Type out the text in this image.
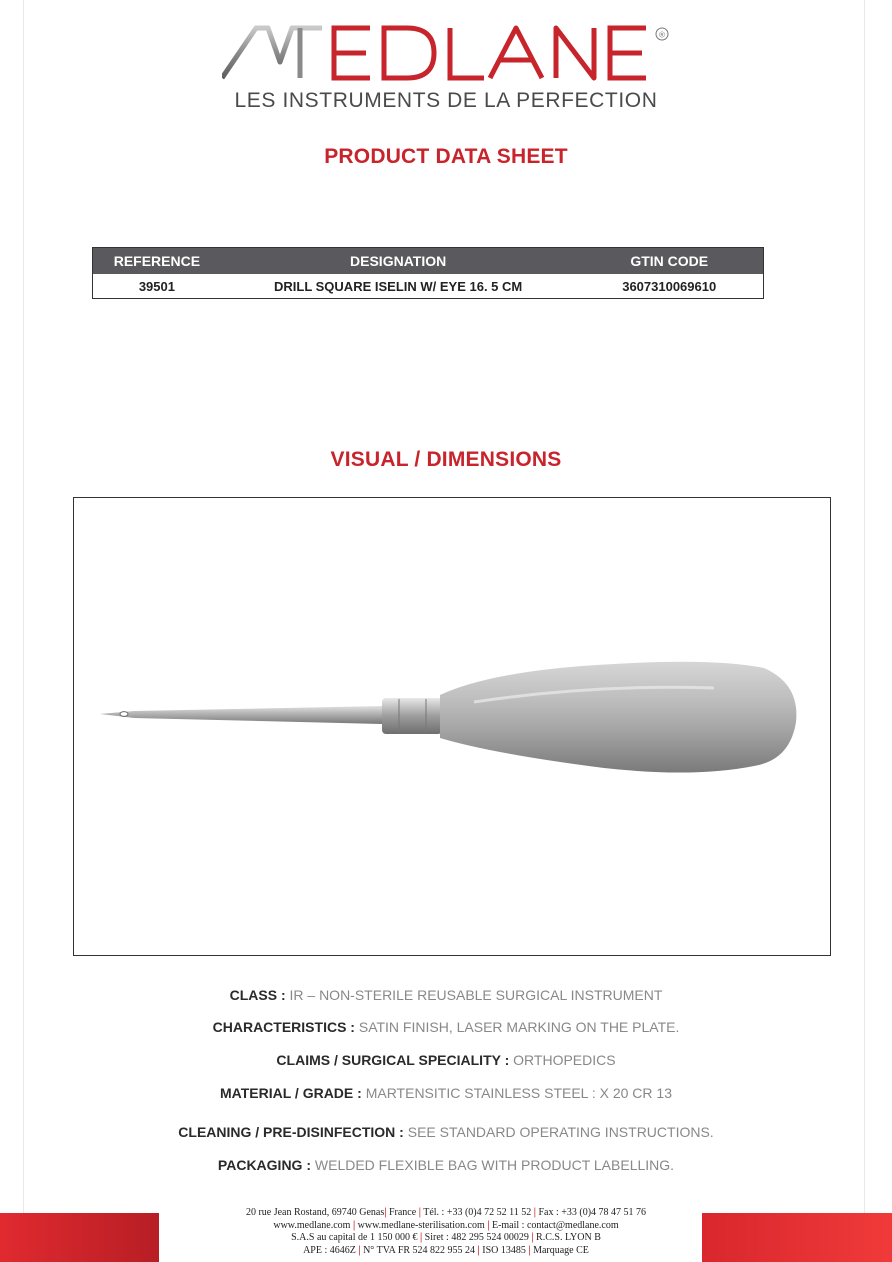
®
LES INSTRUMENTS DE LA PERFECTION
PRODUCT DATA SHEET
REFERENCE	DESIGNATION	GTIN CODE
39501	DRILL SQUARE ISELIN W/ EYE 16. 5 CM	3607310069610
VISUAL / DIMENSIONS
CLASS : IR – NON-STERILE REUSABLE SURGICAL INSTRUMENT
CHARACTERISTICS : SATIN FINISH, LASER MARKING ON THE PLATE.
CLAIMS / SURGICAL SPECIALITY : ORTHOPEDICS
MATERIAL / GRADE : MARTENSITIC STAINLESS STEEL : X 20 CR 13
CLEANING / PRE-DISINFECTION : SEE STANDARD OPERATING INSTRUCTIONS.
PACKAGING : WELDED FLEXIBLE BAG WITH PRODUCT LABELLING.
20 rue Jean Rostand, 69740 Genas| France | Tél. : +33 (0)4 72 52 11 52 | Fax : +33 (0)4 78 47 51 76
www.medlane.com | www.medlane-sterilisation.com | E-mail : contact@medlane.com
S.A.S au capital de 1 150 000 € | Siret : 482 295 524 00029 | R.C.S. LYON B
APE : 4646Z | N° TVA FR 524 822 955 24 | ISO 13485 | Marquage CE
